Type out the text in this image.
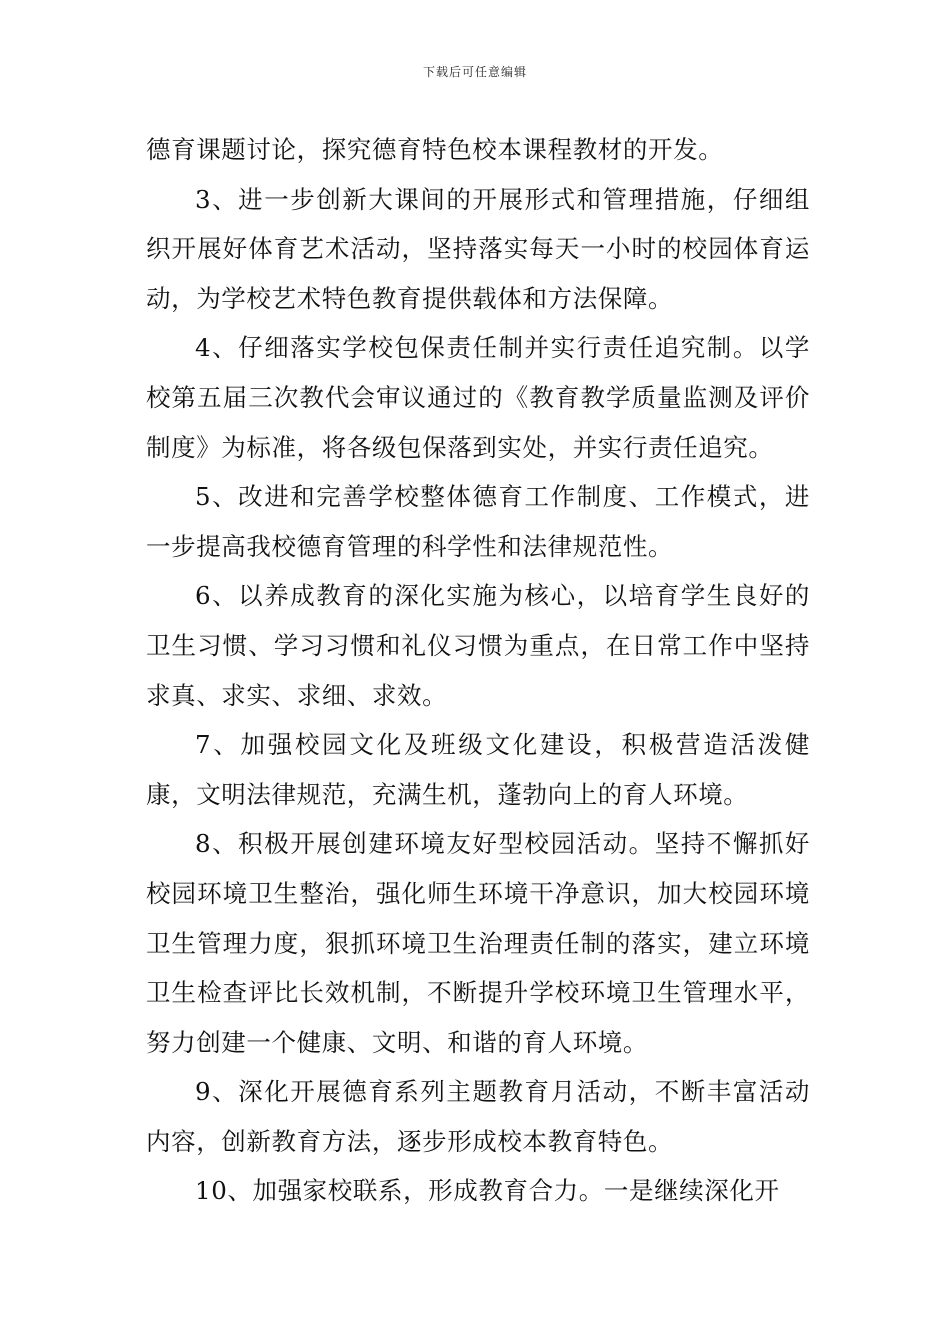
下载后可任意编辑

德育课题讨论，探究德育特色校本课程教材的开发。

3、进一步创新大课间的开展形式和管理措施，仔细组织开展好体育艺术活动，坚持落实每天一小时的校园体育运动，为学校艺术特色教育提供载体和方法保障。

4、仔细落实学校包保责任制并实行责任追究制。以学校第五届三次教代会审议通过的《教育教学质量监测及评价制度》为标准，将各级包保落到实处，并实行责任追究。

5、改进和完善学校整体德育工作制度、工作模式，进一步提高我校德育管理的科学性和法律规范性。

6、以养成教育的深化实施为核心，以培育学生良好的卫生习惯、学习习惯和礼仪习惯为重点，在日常工作中坚持求真、求实、求细、求效。

7、加强校园文化及班级文化建设，积极营造活泼健康，文明法律规范，充满生机，蓬勃向上的育人环境。

8、积极开展创建环境友好型校园活动。坚持不懈抓好校园环境卫生整治，强化师生环境干净意识，加大校园环境卫生管理力度，狠抓环境卫生治理责任制的落实，建立环境卫生检查评比长效机制，不断提升学校环境卫生管理水平，努力创建一个健康、文明、和谐的育人环境。

9、深化开展德育系列主题教育月活动，不断丰富活动内容，创新教育方法，逐步形成校本教育特色。

10、加强家校联系，形成教育合力。一是继续深化开
